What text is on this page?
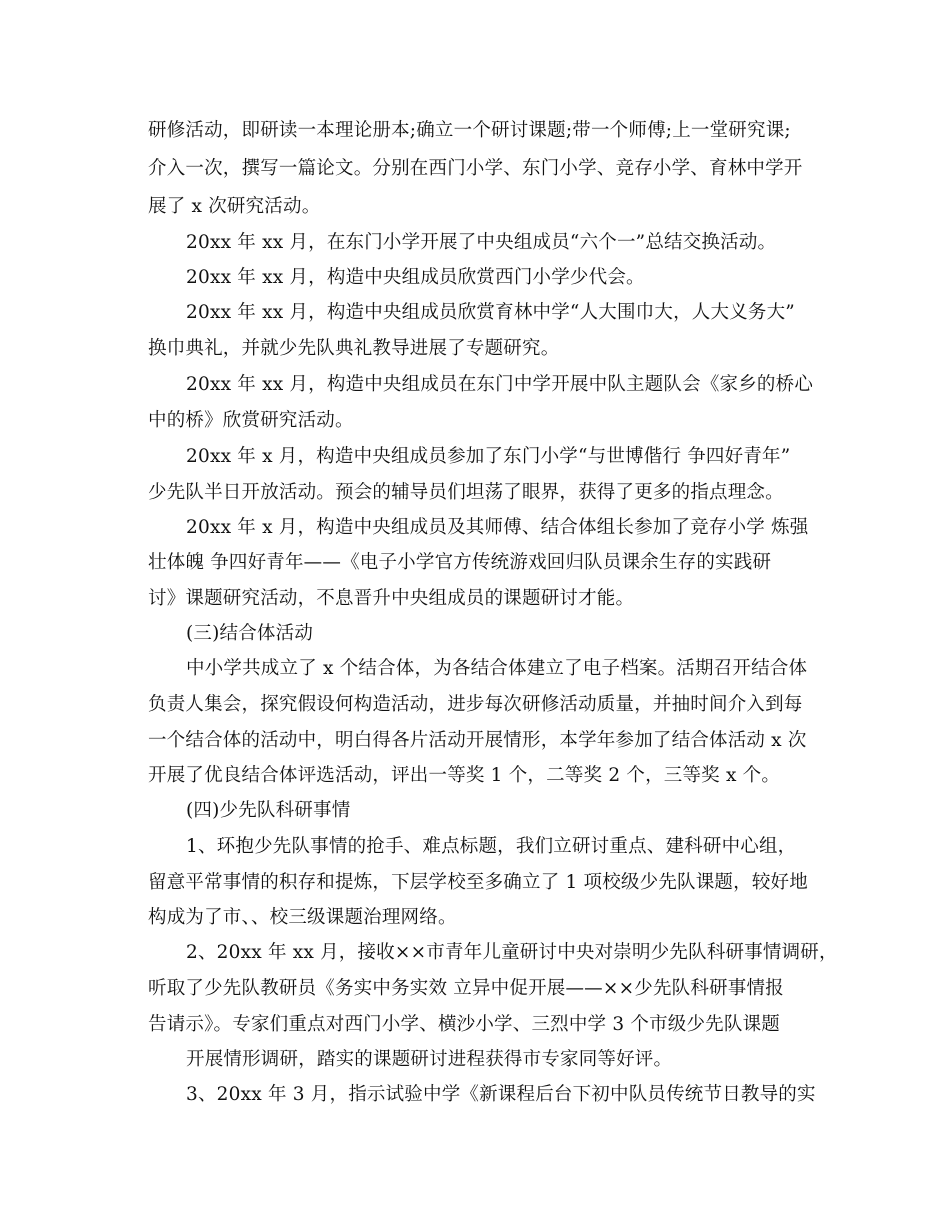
研修活动，即研读一本理论册本;确立一个研讨课题;带一个师傅;上一堂研究课;
介入一次，撰写一篇论文。分别在西门小学、东门小学、竞存小学、育林中学开
展了 x 次研究活动。
20xx 年 xx 月，在东门小学开展了中央组成员“六个一”总结交换活动。
20xx 年 xx 月，构造中央组成员欣赏西门小学少代会。
20xx 年 xx 月，构造中央组成员欣赏育林中学“人大围巾大，人大义务大”
换巾典礼，并就少先队典礼教导进展了专题研究。
20xx 年 xx 月，构造中央组成员在东门中学开展中队主题队会《家乡的桥心
中的桥》欣赏研究活动。
20xx 年 x 月，构造中央组成员参加了东门小学“与世博偕行 争四好青年”
少先队半日开放活动。预会的辅导员们坦荡了眼界，获得了更多的指点理念。
20xx 年 x 月，构造中央组成员及其师傅、结合体组长参加了竞存小学 炼强
壮体魄 争四好青年——《电子小学官方传统游戏回归队员课余生存的实践研
讨》课题研究活动，不息晋升中央组成员的课题研讨才能。
(三)结合体活动
中小学共成立了 x 个结合体，为各结合体建立了电子档案。活期召开结合体
负责人集会，探究假设何构造活动，进步每次研修活动质量，并抽时间介入到每
一个结合体的活动中，明白得各片活动开展情形，本学年参加了结合体活动 x 次
开展了优良结合体评选活动，评出一等奖 1 个，二等奖 2 个，三等奖 x 个。
(四)少先队科研事情
1、环抱少先队事情的抢手、难点标题，我们立研讨重点、建科研中心组，
留意平常事情的积存和提炼，下层学校至多确立了 1 项校级少先队课题，较好地
构成为了市、、校三级课题治理网络。
2、20xx 年 xx 月，接收××市青年儿童研讨中央对崇明少先队科研事情调研，
听取了少先队教研员《务实中务实效 立异中促开展——××少先队科研事情报
告请示》。专家们重点对西门小学、横沙小学、三烈中学 3 个市级少先队课题
开展情形调研，踏实的课题研讨进程获得市专家同等好评。
3、20xx 年 3 月，指示试验中学《新课程后台下初中队员传统节日教导的实
